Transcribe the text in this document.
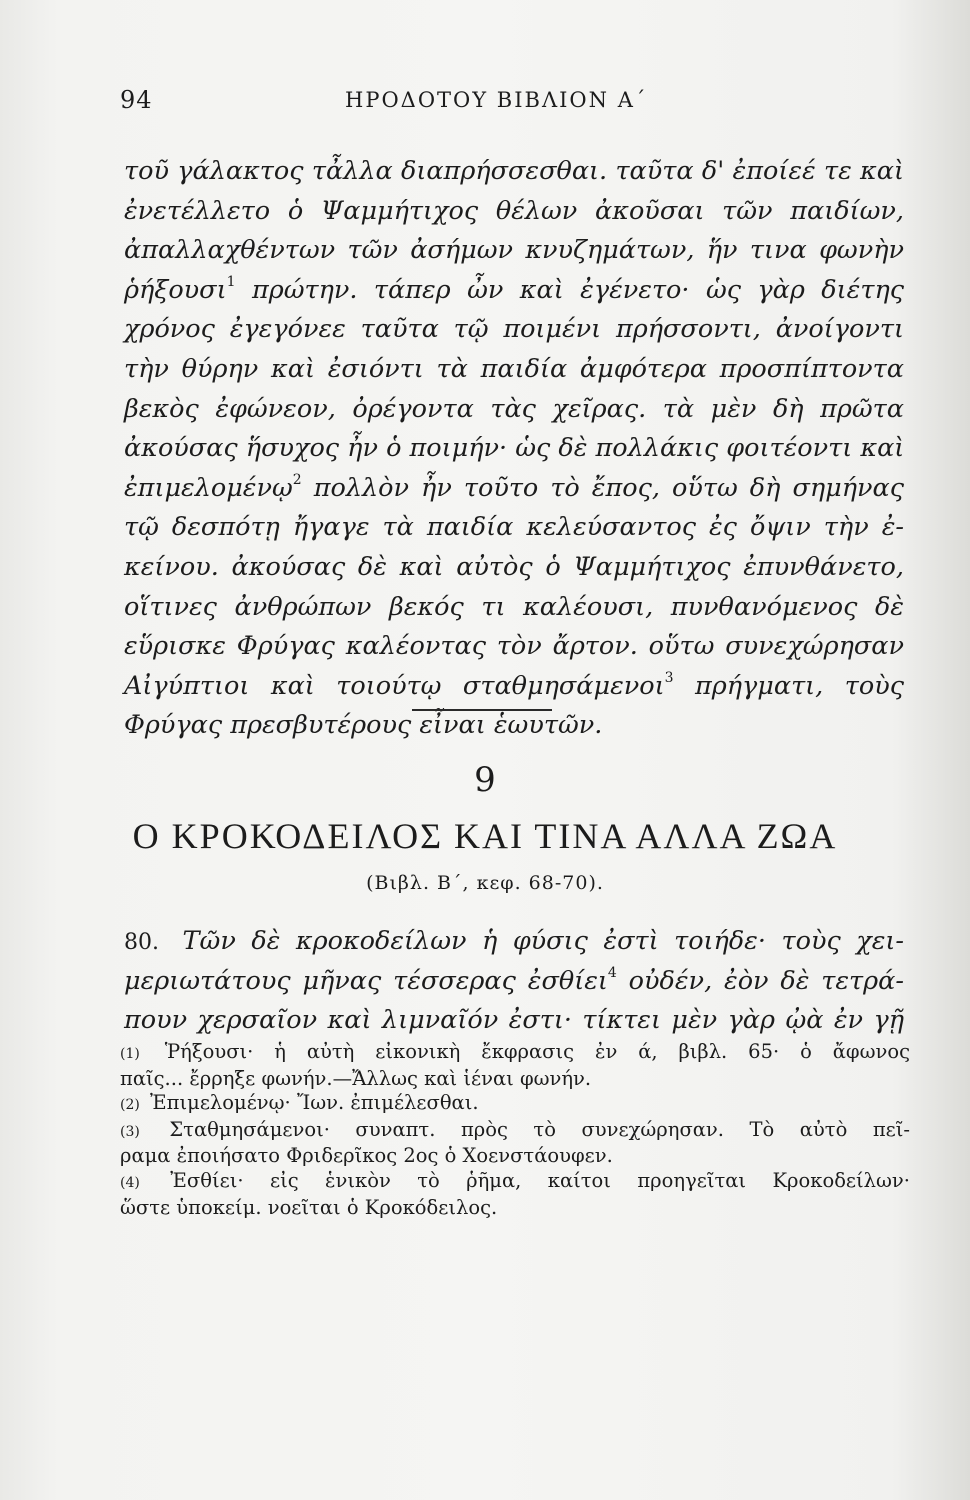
94	ΗΡΟΔΟΤΟΥ ΒΙΒΛΙΟΝ Α΄
τοῦ γάλακτος τἆλλα διαπρήσσεσθαι. ταῦτα δ' ἐποίεέ τε καὶ
ἐνετέλλετο ὁ Ψαμμήτιχος θέλων ἀκοῦσαι τῶν παιδίων,
ἀπαλλαχθέντων τῶν ἀσήμων κνυζημάτων, ἥν τινα φωνὴν
ῥήξουσι$^1$ πρώτην. τάπερ ὦν καὶ ἐγένετο· ὡς γὰρ διέτης
χρόνος ἐγεγόνεε ταῦτα τῷ ποιμένι πρήσσοντι, ἀνοίγοντι
τὴν θύρην καὶ ἐσιόντι τὰ παιδία ἀμφότερα προσπίπτοντα
βεκὸς ἐφώνεον, ὀρέγοντα τὰς χεῖρας. τὰ μὲν δὴ πρῶτα
ἀκούσας ἥσυχος ἦν ὁ ποιμήν· ὡς δὲ πολλάκις φοιτέοντι καὶ
ἐπιμελομένῳ$^2$ πολλὸν ἦν τοῦτο τὸ ἔπος, οὕτω δὴ σημήνας
τῷ δεσπότῃ ἤγαγε τὰ παιδία κελεύσαντος ἐς ὄψιν τὴν ἐ-
κείνου. ἀκούσας δὲ καὶ αὐτὸς ὁ Ψαμμήτιχος ἐπυνθάνετο,
οἵτινες ἀνθρώπων βεκός τι καλέουσι, πυνθανόμενος δὲ
εὕρισκε Φρύγας καλέοντας τὸν ἄρτον. οὕτω συνεχώρησαν
Αἰγύπτιοι καὶ τοιούτῳ σταθμησάμενοι$^3$ πρήγματι, τοὺς
Φρύγας πρεσβυτέρους εἶναι ἑωυτῶν.
9
Ο ΚΡΟΚΟΔΕΙΛΟΣ ΚΑΙ ΤΙΝΑ ΑΛΛΑ ΖΩΑ
(Βιβλ. Β΄, κεφ. 68-70).
80. Τῶν δὲ κροκοδείλων ἡ φύσις ἐστὶ τοιήδε· τοὺς χει-
μεριωτάτους μῆνας τέσσερας ἐσθίει$^4$ οὐδέν, ἐὸν δὲ τετρά-
πουν χερσαῖον καὶ λιμναῖόν ἐστι· τίκτει μὲν γὰρ ᾠὰ ἐν γῇ
(1) Ῥήξουσι· ἡ αὐτὴ εἰκονικὴ ἔκφρασις ἐν ά, βιβλ. 65· ὁ ἄφωνος
παῖς... ἔρρηξε φωνήν.—Ἄλλως καὶ ἱέναι φωνήν.
(2) Ἐπιμελομένῳ· Ἴων. ἐπιμέλεσθαι.
(3) Σταθμησάμενοι· συναπτ. πρὸς τὸ συνεχώρησαν. Τὸ αὐτὸ πεῖ-
ραμα ἐποιήσατο Φριδερῖκος 2ος ὁ Χοενστάουφεν.
(4) Ἐσθίει· εἰς ἑνικὸν τὸ ῥῆμα, καίτοι προηγεῖται Κροκοδείλων·
ὥστε ὑποκείμ. νοεῖται ὁ Κροκόδειλος.
